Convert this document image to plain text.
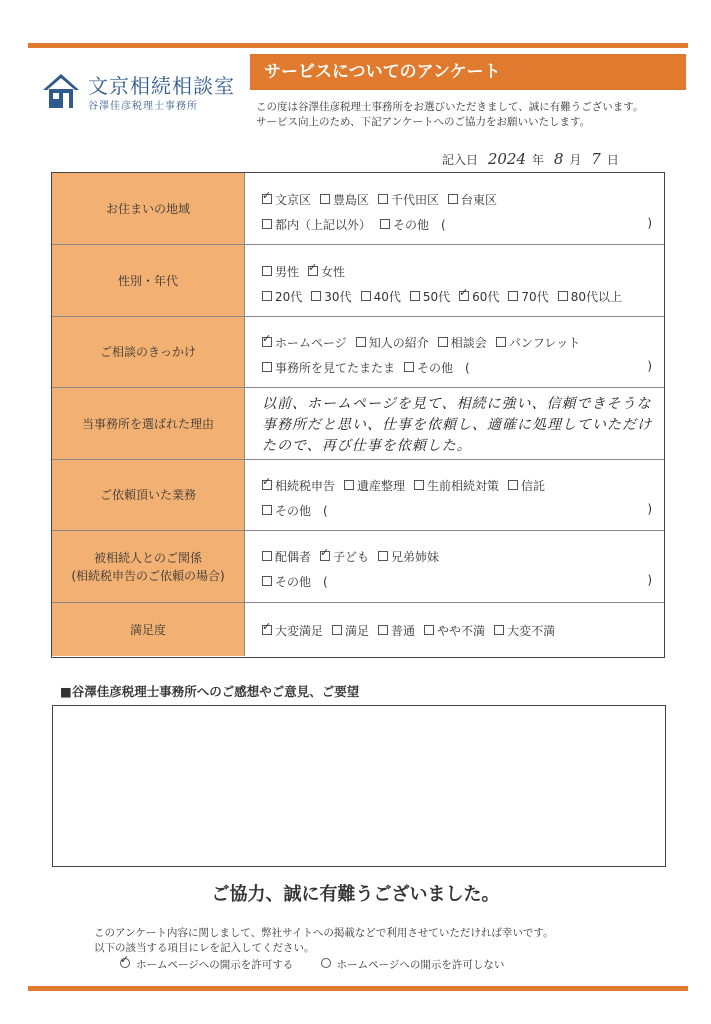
文京相続相談室
谷澤佳彦税理士事務所
サービスについてのアンケート
この度は谷澤佳彦税理士事務所をお選びいただきまして、誠に有難うございます。
サービス向上のため、下記アンケートへのご協力をお願いいたします。
記入日 2024 年 8 月 7 日
お住まいの地域
✓文京区 豊島区 千代田区 台東区
都内（上記以外） その他　(	)
性別・年代
男性 ✓ 女性
20代 30代 40代 50代 ✓ 60代 70代 80代以上
ご相談のきっかけ
✓ホームページ 知人の紹介 相談会 パンフレット
事務所を見てたまたま その他　(	)
当事務所を選ばれた理由
以前、ホームページを見て、相続に強い、信頼できそうな事務所だと思い、仕事を依頼し、適確に処理していただけたので、再び仕事を依頼した。
ご依頼頂いた業務
✓相続税申告 遺産整理 生前相続対策 信託
その他　(	)
被相続人とのご関係
(相続税申告のご依頼の場合)
配偶者 ✓ 子ども 兄弟姉妹
その他　(	)
満足度 ✓	大変満足 満足 普通 やや不満 大変不満
■谷澤佳彦税理士事務所へのご感想やご意見、ご要望
ご協力、誠に有難うございました。
このアンケート内容に関しまして、弊社サイトへの掲載などで利用させていただければ幸いです。
以下の該当する項目にレを記入してください。
✓ホームページへの開示を許可する	ホームページへの開示を許可しない
